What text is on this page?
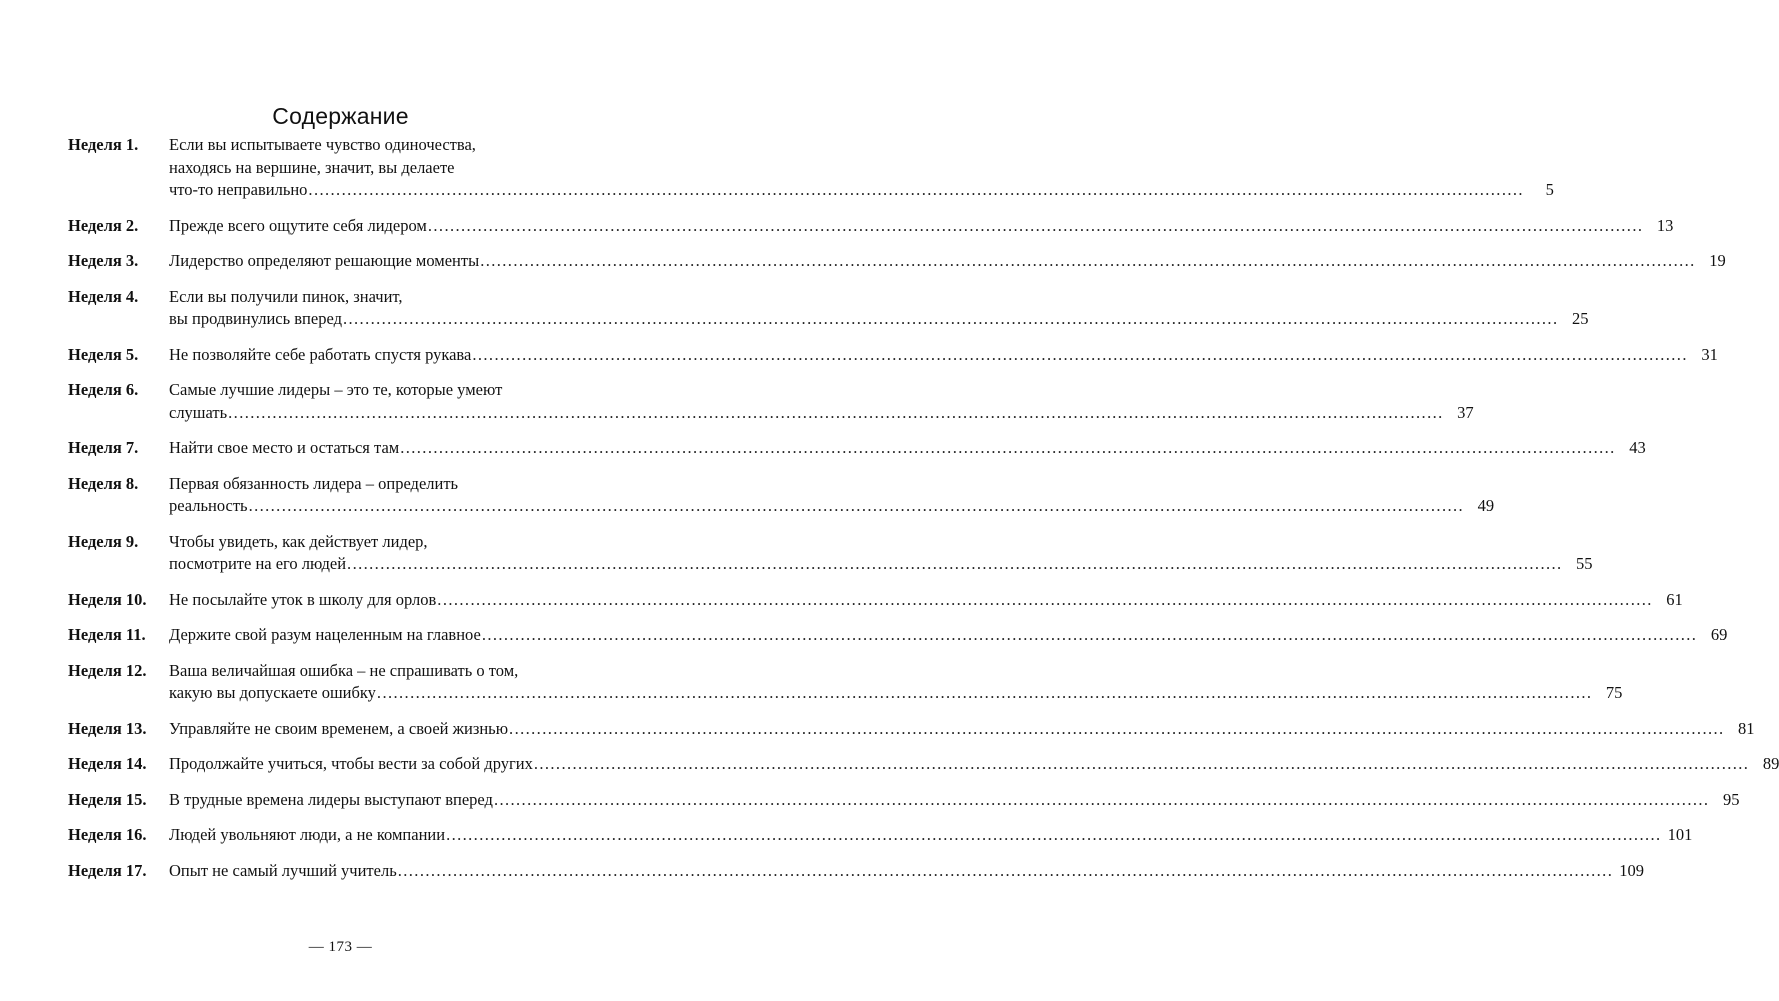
Содержание
Неделя 1.	Если вы испытываете чувство одиночества,
находясь на вершине, значит, вы делаете
что-то неправильно ............................................................................................................................................................................................................................	5
Неделя 2.	Прежде всего ощутите себя лидером ............................................................................................................................................................................................................................ 13
Неделя 3.	Лидерство определяют решающие моменты ............................................................................................................................................................................................................................ 19
Неделя 4.	Если вы получили пинок, значит,
вы продвинулись вперед ............................................................................................................................................................................................................................ 25
Неделя 5.	Не позволяйте себе работать спустя рукава ............................................................................................................................................................................................................................ 31
Неделя 6.	Самые лучшие лидеры – это те, которые умеют
слушать ............................................................................................................................................................................................................................ 37
Неделя 7.	Найти свое место и остаться там ............................................................................................................................................................................................................................ 43
Неделя 8.	Первая обязанность лидера – определить
реальность ............................................................................................................................................................................................................................ 49
Неделя 9.	Чтобы увидеть, как действует лидер,
посмотрите на его людей ............................................................................................................................................................................................................................ 55
Неделя 10.	Не посылайте уток в школу для орлов ............................................................................................................................................................................................................................ 61
Неделя 11.	Держите свой разум нацеленным на главное ............................................................................................................................................................................................................................ 69
Неделя 12.	Ваша величайшая ошибка – не спрашивать о том,
какую вы допускаете ошибку ............................................................................................................................................................................................................................ 75
Неделя 13.	Управляйте не своим временем, а своей жизнью ............................................................................................................................................................................................................................ 81
Неделя 14.	Продолжайте учиться, чтобы вести за собой других ............................................................................................................................................................................................................................ 89
Неделя 15.	В трудные времена лидеры выступают вперед ............................................................................................................................................................................................................................ 95
Неделя 16.	Людей увольняют люди, а не компании ............................................................................................................................................................................................................................ 101
Неделя 17.	Опыт не самый лучший учитель ............................................................................................................................................................................................................................ 109
— 173 —
